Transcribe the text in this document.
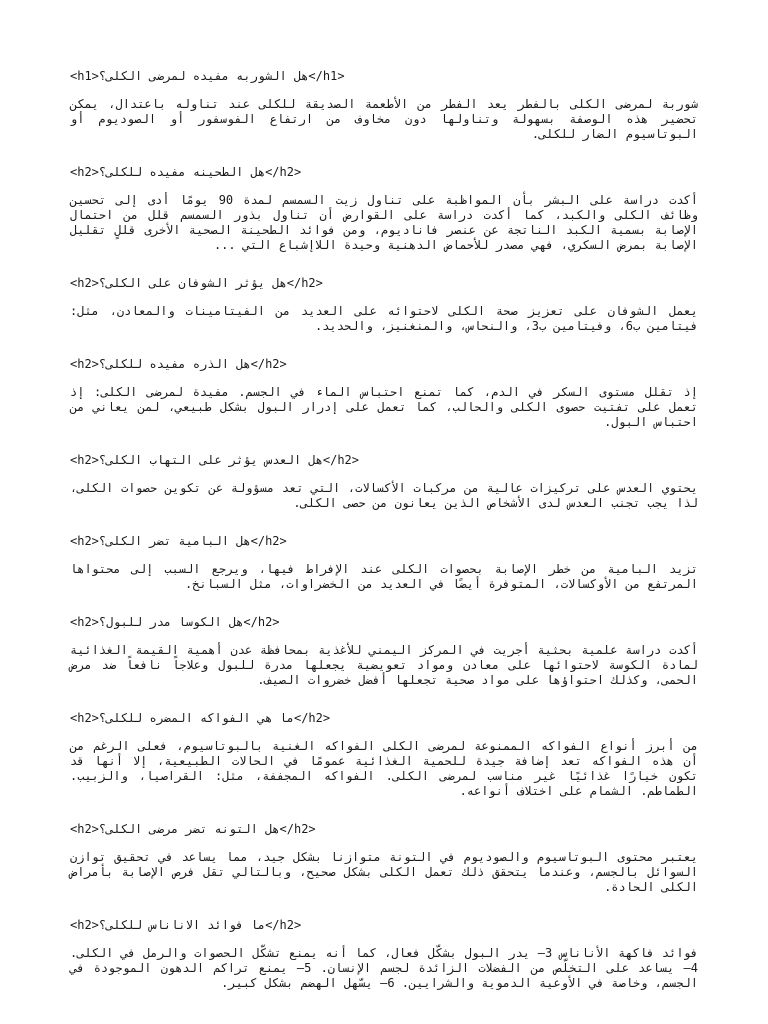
<h1>هل الشوربه مفيده لمرضى الكلى؟</h1>
شوربة لمرضى الكلى بالفطر يعد الفطر من الأطعمة الصديقة للكلى عند تناوله باعتدال، يمكن تحضير هذه الوصفة بسهولة وتناولها دون مخاوف من ارتفاع الفوسفور أو الصوديوم أو البوتاسيوم الضار للكلى.
<h2>هل الطحينه مفيده للكلى؟</h2>
أكدت دراسة على البشر بأن المواظبة على تناول زيت السمسم لمدة 90 يومًا أدى إلى تحسين وظائف الكلى والكبد، كما أكدت دراسة على القوارض أن تناول بذور السمسم قلل من احتمال الإصابة بسمية الكبد الناتجة عن عنصر فاناديوم، ومن فوائد الطحينة الصحية الأخرى قللٍ تقليل الإصابة بمرض السكري، فهي مصدر للأحماض الدهنية وحيدة اللاإشباع التي ...
<h2>هل يؤثر الشوفان على الكلى؟</h2>
يعمل الشوفان على تعزيز صحة الكلى لاحتوائه على العديد من الفيتامينات والمعادن، مثل: فيتامين ب6، وفيتامين ب3، والنحاس، والمنغنيز، والحديد.
<h2>هل الذره مفيده للكلى؟</h2>
إذ تقلل مستوى السكر في الدم، كما تمنع احتباس الماء في الجسم. مفيدة لمرضى الكلى: إذ تعمل على تفتيت حصوى الكلى والحالب، كما تعمل على إدرار البول بشكل طبيعي، لمن يعاني من احتباس البول.
<h2>هل العدس يؤثر على التهاب الكلى؟</h2>
يحتوي العدس على تركيزات عالية من مركبات الأكسالات، التي تعد مسؤولة عن تكوين حصوات الكلى، لذا يجب تجنب العدس لدى الأشخاص الذين يعانون من حصى الكلى.
<h2>هل البامية تضر الكلى؟</h2>
تزيد البامية من خطر الإصابة بحصوات الكلى عند الإفراط فيها، ويرجع السبب إلى محتواها المرتفع من الأوكسالات، المتوفرة أيضًا في العديد من الخضراوات، مثل السبانخ.
<h2>هل الكوسا مدر للبول؟</h2>
أكدت دراسة علمية بحثية أجريت في المركز اليمني للأغذية بمحافظة عدن أهمية القيمة الغذائية لمادة الكوسة لاحتوائها على معادن ومواد تعويضية يجعلها مدرة للبول وعلاجاً نافعاً ضد مرض الحمى، وكذلك احتواؤها على مواد صحية تجعلها أفضل خضروات الصيف.
<h2>ما هي الفواكه المضره للكلى؟</h2>
من أبرز أنواع الفواكه الممنوعة لمرضى الكلى الفواكه الغنية بالبوتاسيوم، فعلى الرغم من أن هذه الفواكه تعد إضافة جيدة للحمية الغذائية عمومًا في الحالات الطبيعية، إلا أنها قد تكون خيارًا غذائيًا غير مناسب لمرضى الكلى. الفواكه المجففة، مثل: القراصيا، والزبيب. الطماطم. الشمام على اختلاف أنواعه.
<h2>هل التونه تضر مرضى الكلى؟</h2>
يعتبر محتوى البوتاسيوم والصوديوم في التونة متوازنا بشكل جيد، مما يساعد في تحقيق توازن السوائل بالجسم، وعندما يتحقق ذلك تعمل الكلى بشكل صحيح، وبالتالي تقل فرص الإصابة بأمراض الكلى الحادة.
<h2>ما فوائد الاناناس للكلى؟</h2>
فوائد فاكهة الأناناس 3– يدر البول بشكّل فعال، كما أنه يمنع تشكّل الحصوات والرمل في الكلى. 4– يساعد على التخلّص من الفضلات الزائدة لجسم الإنسان. 5– يمنع تراكم الدهون الموجودة في الجسم، وخاصة في الأوعية الدموية والشرايين. 6– يسّهل الهضم بشكل كبير.
